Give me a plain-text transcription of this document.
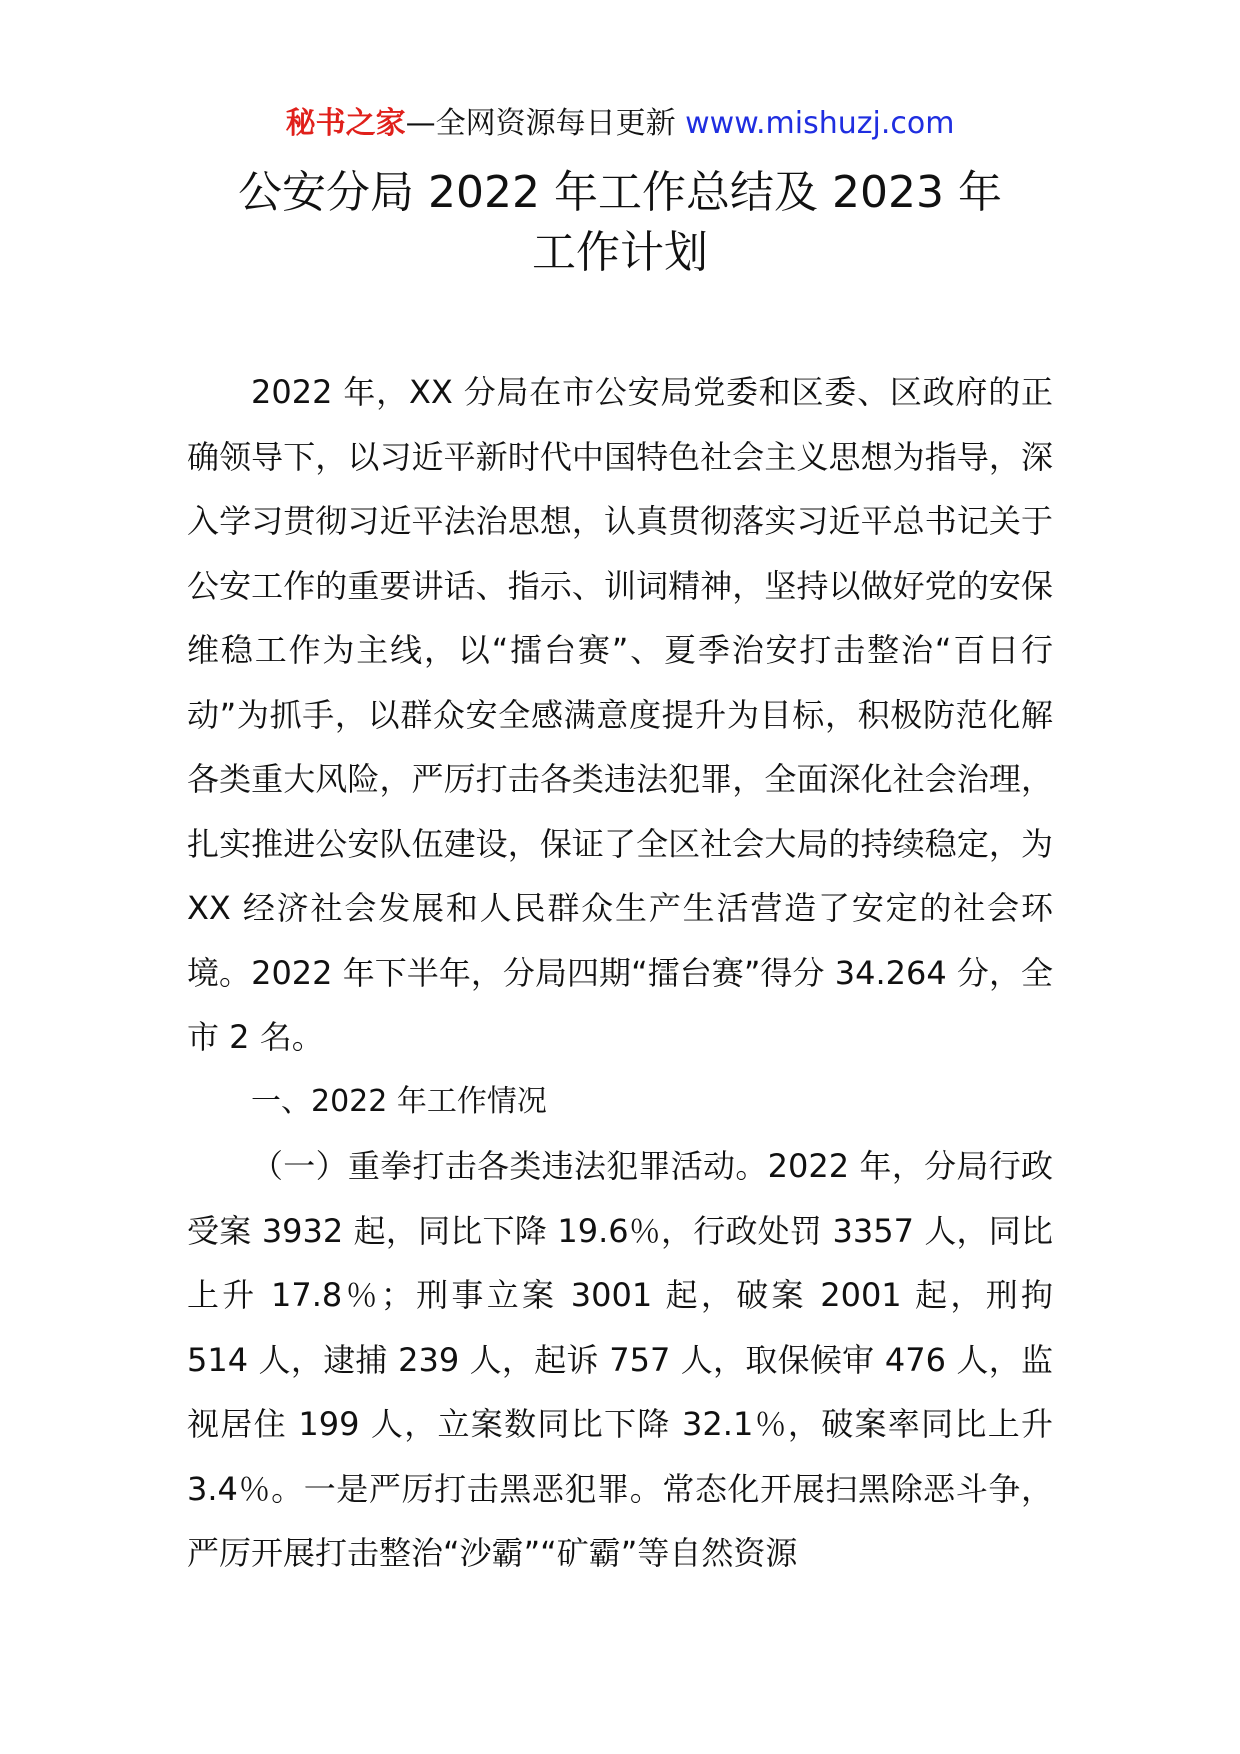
秘书之家—全网资源每日更新 www.mishuzj.com
公安分局 2022 年工作总结及 2023 年
工作计划

2022 年，XX 分局在市公安局党委和区委、区政府的正确领导下，以习近平新时代中国特色社会主义思想为指导，深入学习贯彻习近平法治思想，认真贯彻落实习近平总书记关于公安工作的重要讲话、指示、训词精神，坚持以做好党的安保维稳工作为主线，以“擂台赛”、夏季治安打击整治“百日行动”为抓手，以群众安全感满意度提升为目标，积极防范化解各类重大风险，严厉打击各类违法犯罪，全面深化社会治理，扎实推进公安队伍建设，保证了全区社会大局的持续稳定，为 XX 经济社会发展和人民群众生产生活营造了安定的社会环境。2022 年下半年，分局四期“擂台赛”得分 34.264 分，全市 2 名。

一、2022 年工作情况

（一）重拳打击各类违法犯罪活动。2022 年，分局行政受案 3932 起，同比下降 19.6％，行政处罚 3357 人，同比上升 17.8％；刑事立案 3001 起，破案 2001 起，刑拘 514 人，逮捕 239 人，起诉 757 人，取保候审 476 人，监视居住 199 人，立案数同比下降 32.1％，破案率同比上升 3.4％。一是严厉打击黑恶犯罪。常态化开展扫黑除恶斗争，严厉开展打击整治“沙霸”“矿霸”等自然资源
